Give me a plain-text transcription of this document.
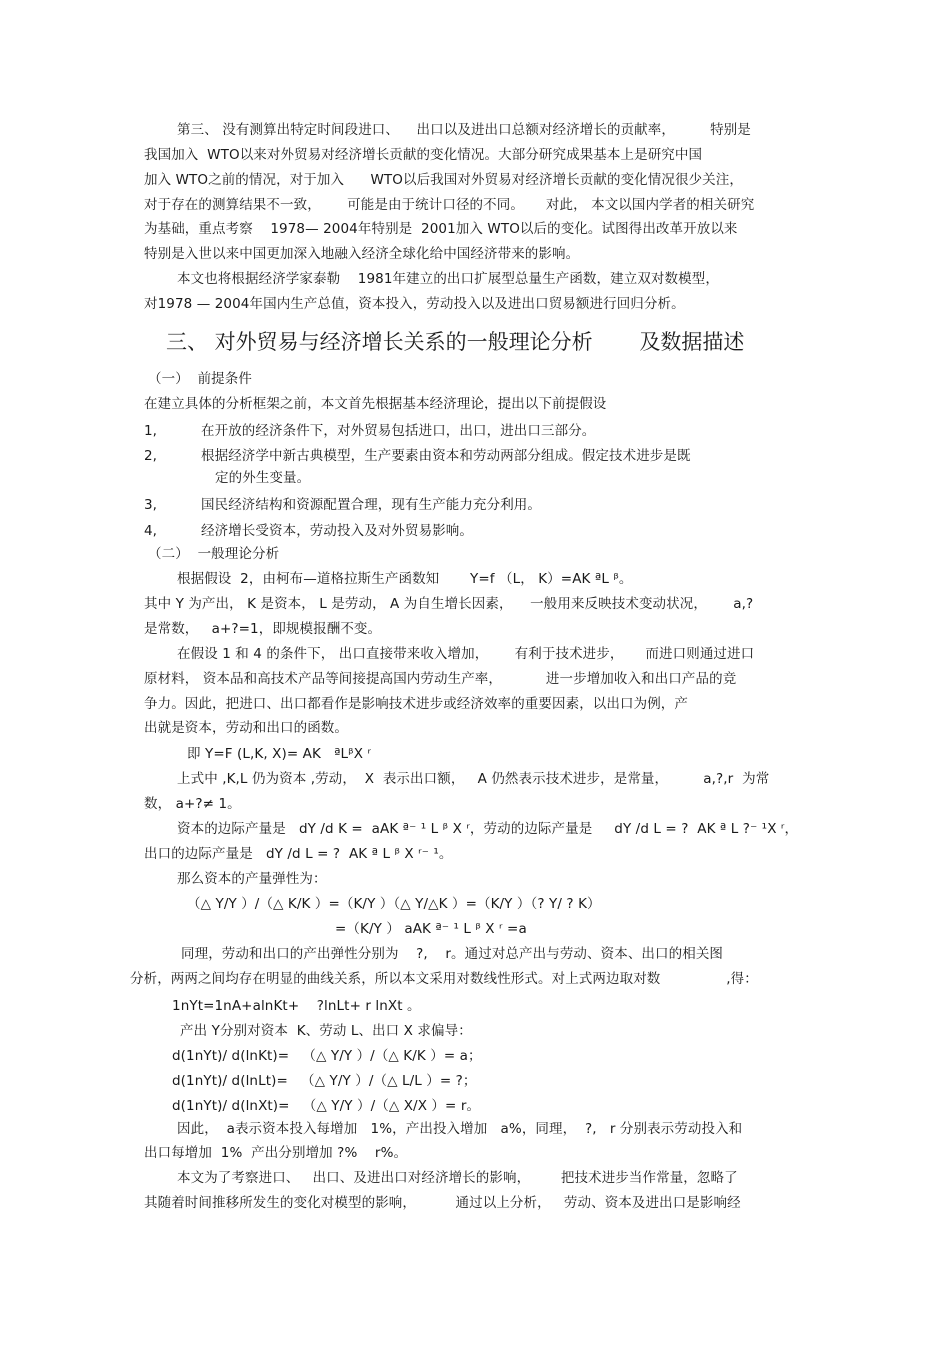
第三、 没有测算出特定时间段进口、    出口以及进出口总额对经济增长的贡献率，        特别是
我国加入  WTO以来对外贸易对经济增长贡献的变化情况。大部分研究成果基本上是研究中国
加入 WTO之前的情况，对于加入      WTO以后我国对外贸易对经济增长贡献的变化情况很少关注，
对于存在的测算结果不一致，      可能是由于统计口径的不同。     对此， 本文以国内学者的相关研究
为基础，重点考察    1978— 2004年特别是  2001加入 WTO以后的变化。试图得出改革开放以来
特别是入世以来中国更加深入地融入经济全球化给中国经济带来的影响。
本文也将根据经济学家泰勒    1981年建立的出口扩展型总量生产函数，建立双对数模型，
对1978 — 2004年国内生产总值，资本投入，劳动投入以及进出口贸易额进行回归分析。
三、 对外贸易与经济增长关系的一般理论分析       及数据描述
（一）  前提条件
在建立具体的分析框架之前，本文首先根据基本经济理论，提出以下前提假设
1,	在开放的经济条件下，对外贸易包括进口，出口，进出口三部分。
2,	根据经济学中新古典模型，生产要素由资本和劳动两部分组成。假定技术进步是既
定的外生变量。
3,	国民经济结构和资源配置合理，现有生产能力充分利用。
4,	经济增长受资本，劳动投入及对外贸易影响。
（二）  一般理论分析
根据假设  2，由柯布—道格拉斯生产函数知       Y=f （L， K）=AK ªL ᵝ。
其中 Y 为产出， K 是资本， L 是劳动， A 为自生增长因素，    一般用来反映技术变动状况，      a,?
是常数，   a+?=1，即规模报酬不变。
在假设 1 和 4 的条件下， 出口直接带来收入增加，      有利于技术进步，     而进口则通过进口
原材料， 资本品和高技术产品等间接提高国内劳动生产率，          进一步增加收入和出口产品的竞
争力。因此，把进口、出口都看作是影响技术进步或经济效率的重要因素，以出口为例，产
出就是资本，劳动和出口的函数。
即 Y=F (L,K, X)= AK   ªLᵝX ʳ
上式中 ,K,L 仍为资本 ,劳动，  X  表示出口额，   A 仍然表示技术进步，是常量，        a,?,r  为常
数， a+?≠ 1。
资本的边际产量是   dY /d K =  aAK ª⁻ ¹ L ᵝ X ʳ，劳动的边际产量是     dY /d L = ?  AK ª L ?⁻ ¹X ʳ，
出口的边际产量是   dY /d L = ?  AK ª L ᵝ X ʳ⁻ ¹。
那么资本的产量弹性为：
（△ Y/Y ）/（△ K/K ）=（K/Y ）（△ Y/△K ）=（K/Y ）（? Y/ ? K）
=（K/Y ） aAK ª⁻ ¹ L ᵝ X ʳ =a
同理，劳动和出口的产出弹性分别为    ?,    r。通过对总产出与劳动、资本、出口的相关图
分析，两两之间均存在明显的曲线关系，所以本文采用对数线性形式。对上式两边取对数               ,得：
1nYt=1nA+alnKt+    ?lnLt+ r lnXt 。
产出 Y分别对资本  K、劳动 L、出口 X 求偏导：
d(1nYt)/ d(lnKt)=   （△ Y/Y ）/（△ K/K ）= a；
d(1nYt)/ d(lnLt)=   （△ Y/Y ）/（△ L/L ）= ?；
d(1nYt)/ d(lnXt)=   （△ Y/Y ）/（△ X/X ）= r。
因此，  a表示资本投入每增加   1%，产出投入增加   a%，同理，  ?,   r 分别表示劳动投入和
出口每增加  1%  产出分别增加 ?%    r%。
本文为了考察进口、   出口、及进出口对经济增长的影响，       把技术进步当作常量，忽略了
其随着时间推移所发生的变化对模型的影响，         通过以上分析，   劳动、资本及进出口是影响经
